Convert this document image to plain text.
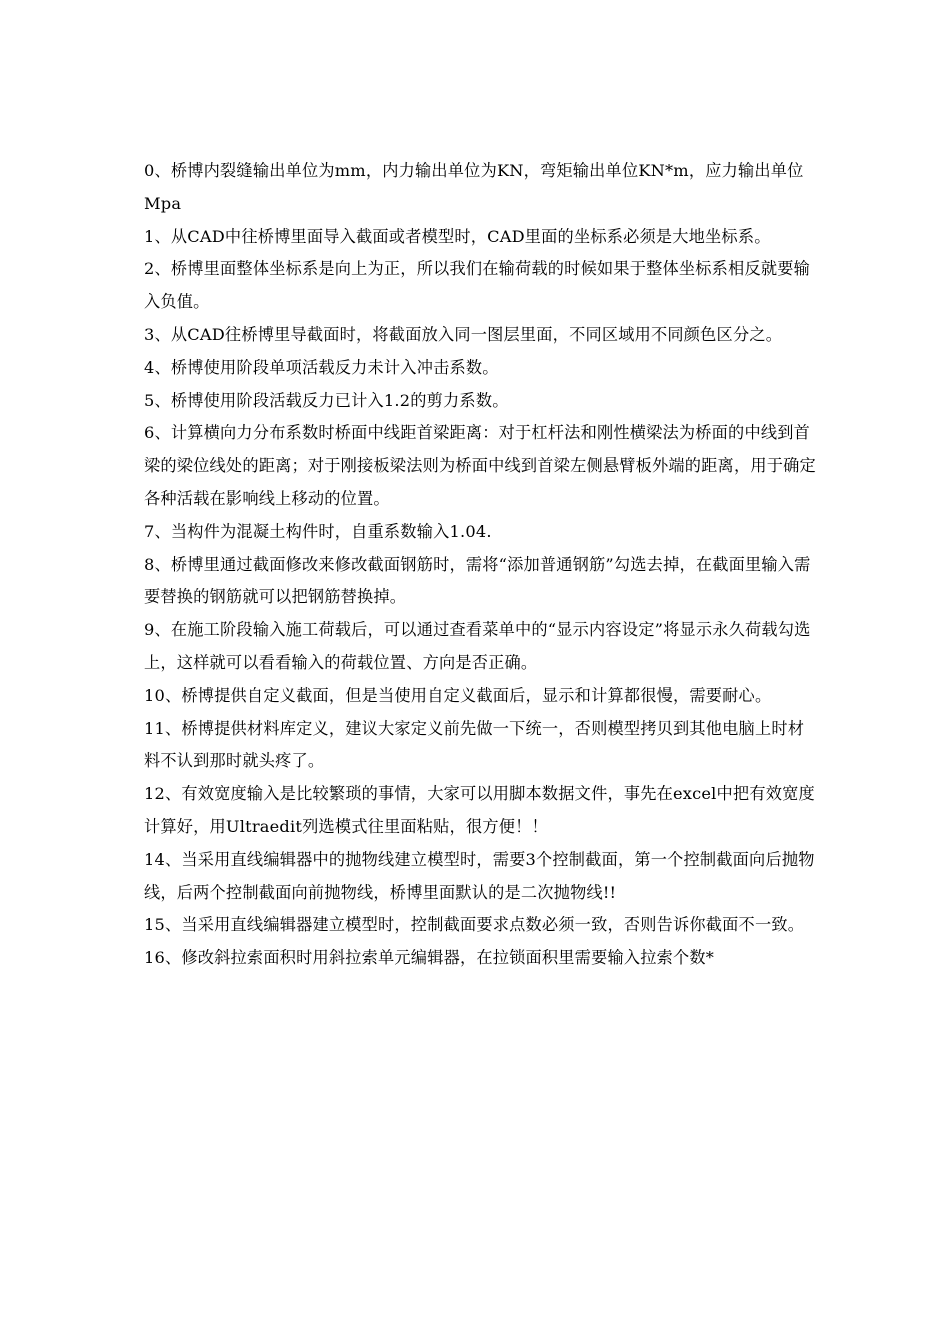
0、桥博内裂缝输出单位为mm，内力输出单位为KN，弯矩输出单位KN*m，应力输出单位Mpa

1、从CAD中往桥博里面导入截面或者模型时，CAD里面的坐标系必须是大地坐标系。

2、桥博里面整体坐标系是向上为正，所以我们在输荷载的时候如果于整体坐标系相反就要输入负值。

3、从CAD往桥博里导截面时，将截面放入同一图层里面，不同区域用不同颜色区分之。

4、桥博使用阶段单项活载反力未计入冲击系数。

5、桥博使用阶段活载反力已计入1.2的剪力系数。

6、计算横向力分布系数时桥面中线距首梁距离：对于杠杆法和刚性横梁法为桥面的中线到首梁的梁位线处的距离；对于刚接板梁法则为桥面中线到首梁左侧悬臂板外端的距离，用于确定各种活载在影响线上移动的位置。

7、当构件为混凝土构件时，自重系数输入1.04.

8、桥博里通过截面修改来修改截面钢筋时，需将“添加普通钢筋”勾选去掉，在截面里输入需要替换的钢筋就可以把钢筋替换掉。

9、在施工阶段输入施工荷载后，可以通过查看菜单中的“显示内容设定”将显示永久荷载勾选上，这样就可以看看输入的荷载位置、方向是否正确。

10、桥博提供自定义截面，但是当使用自定义截面后，显示和计算都很慢，需要耐心。

11、桥博提供材料库定义，建议大家定义前先做一下统一，否则模型拷贝到其他电脑上时材料不认到那时就头疼了。

12、有效宽度输入是比较繁琐的事情，大家可以用脚本数据文件，事先在excel中把有效宽度计算好，用Ultraedit列选模式往里面粘贴，很方便！！

14、当采用直线编辑器中的抛物线建立模型时，需要3个控制截面，第一个控制截面向后抛物线，后两个控制截面向前抛物线，桥博里面默认的是二次抛物线!!

15、当采用直线编辑器建立模型时，控制截面要求点数必须一致，否则告诉你截面不一致。

16、修改斜拉索面积时用斜拉索单元编辑器，在拉锁面积里需要输入拉索个数*
